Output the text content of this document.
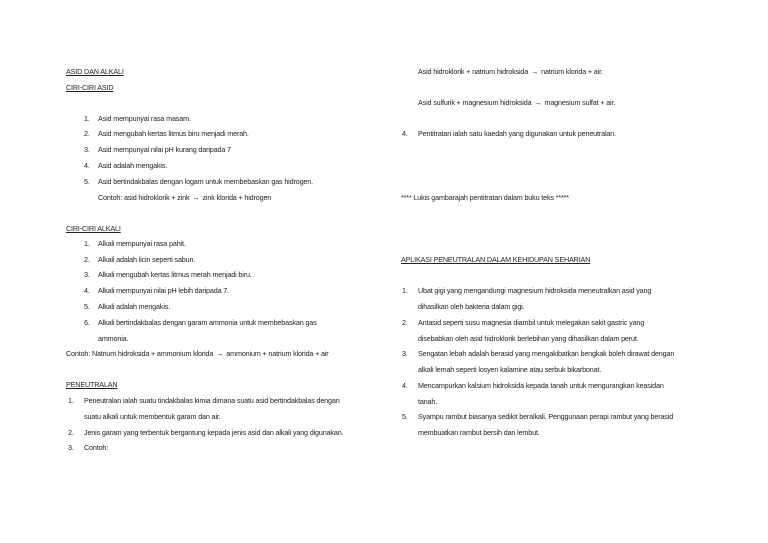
ASID DAN ALKALI
CIRI-CIRI ASID
1. Asid mempunyai rasa masam.
2. Asid mengubah kertas litmus biru menjadi merah.
3. Asid mempunyai nilai pH kurang daripada 7
4. Asid adalah mengakis.
5. Asid bertindakbalas dengan logam untuk membebaskan gas hidrogen.
Contoh: asid hidroklorik + zink → zink klorida + hidrogen
CIRI-CIRI ALKALI
1. Alkali mempunyai rasa pahit.
2. Alkali adalah licin seperti sabun.
3. Alkali mengubah kertas litmus merah menjadi biru.
4. Alkali mempunyai nilai pH lebih daripada 7.
5. Alkali adalah mengakis.
6. Alkali bertindakbalas dengan garam ammonia untuk membebaskan gas
ammonia.
Contoh: Natrium hidroksida + ammonium klorida → ammonium + natrium klorida + air
PENEUTRALAN
1. Peneutralan ialah suatu tindakbalas kimia dimana suatu asid bertindakbalas dengan
suatu alkali untuk membentuk garam dan air.
2. Jenis garam yang terbentuk bergantung kepada jenis asid dan alkali yang digunakan.
3. Contoh:
Asid hidroklorik + natrium hidroksida → natrium klorida + air.
Asid sulfurik + magnesium hidroksida → magnesium sulfat + air.
4. Pentitratan ialah satu kaedah yang digunakan untuk peneutralan.
**** Lukis gambarajah pentitratan dalam buku teks *****
APLIKASI PENEUTRALAN DALAM KEHIDUPAN SEHARIAN
1. Ubat gigi yang mengandungi magnesium hidroksida meneutralkan asid yang
dihasilkan oleh bakteria dalam gigi.
2. Antasid seperti susu magnesia diambil untuk melegakan sakit gastric yang
disebabkan oleh asid hidroklorik berlebihan yang dihasilkan dalam perut.
3. Sengatan lebah adalah berasid yang mengakibatkan bengkak boleh dirawat dengan
alkali lemah seperti losyen kalamine atau serbuk bikarbonat.
4. Mencampurkan kalsium hidroksida kepada tanah untuk mengurangkan keasidan
tanah.
5. Syampu rambut biasanya sedikit beralkali. Penggunaan perapi rambut yang berasid
membuatkan rambut bersih dan lembut.
